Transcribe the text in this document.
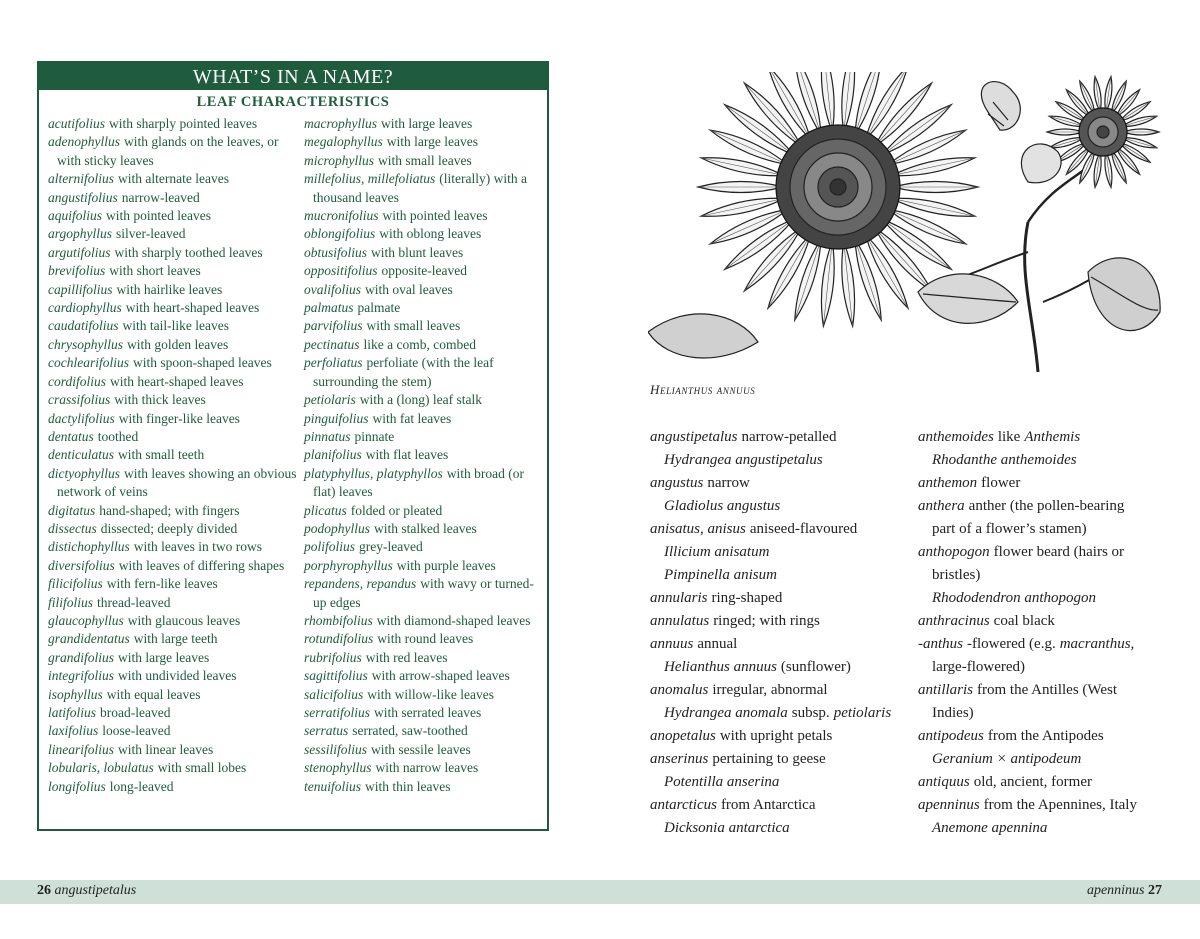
WHAT’S IN A NAME?
LEAF CHARACTERISTICS
acutifolius with sharply pointed leaves
adenophyllus with glands on the leaves, or with sticky leaves
alternifolius with alternate leaves
angustifolius narrow-leaved
aquifolius with pointed leaves
argophyllus silver-leaved
argutifolius with sharply toothed leaves
brevifolius with short leaves
capillifolius with hairlike leaves
cardiophyllus with heart-shaped leaves
caudatifolius with tail-like leaves
chrysophyllus with golden leaves
cochlearifolius with spoon-shaped leaves
cordifolius with heart-shaped leaves
crassifolius with thick leaves
dactylifolius with finger-like leaves
dentatus toothed
denticulatus with small teeth
dictyophyllus with leaves showing an obvious network of veins
digitatus hand-shaped; with fingers
dissectus dissected; deeply divided
distichophyllus with leaves in two rows
diversifolius with leaves of differing shapes
filicifolius with fern-like leaves
filifolius thread-leaved
glaucophyllus with glaucous leaves
grandidentatus with large teeth
grandifolius with large leaves
integrifolius with undivided leaves
isophyllus with equal leaves
latifolius broad-leaved
laxifolius loose-leaved
linearifolius with linear leaves
lobularis, lobulatus with small lobes
longifolius long-leaved
macrophyllus with large leaves
megalophyllus with large leaves
microphyllus with small leaves
millefolius, millefoliatus (literally) with a thousand leaves
mucronifolius with pointed leaves
oblongifolius with oblong leaves
obtusifolius with blunt leaves
oppositifolius opposite-leaved
ovalifolius with oval leaves
palmatus palmate
parvifolius with small leaves
pectinatus like a comb, combed
perfoliatus perfoliate (with the leaf surrounding the stem)
petiolaris with a (long) leaf stalk
pinguifolius with fat leaves
pinnatus pinnate
planifolius with flat leaves
platyphyllus, platyphyllos with broad (or flat) leaves
plicatus folded or pleated
podophyllus with stalked leaves
polifolius grey-leaved
porphyrophyllus with purple leaves
repandens, repandus with wavy or turned-up edges
rhombifolius with diamond-shaped leaves
rotundifolius with round leaves
rubrifolius with red leaves
sagittifolius with arrow-shaped leaves
salicifolius with willow-like leaves
serratifolius with serrated leaves
serratus serrated, saw-toothed
sessilifolius with sessile leaves
stenophyllus with narrow leaves
tenuifolius with thin leaves
Helianthus annuus
angustipetalus narrow-petalled
Hydrangea angustipetalus
angustus narrow
Gladiolus angustus
anisatus, anisus aniseed-flavoured
Illicium anisatum
Pimpinella anisum
annularis ring-shaped
annulatus ringed; with rings
annuus annual
Helianthus annuus (sunflower)
anomalus irregular, abnormal
Hydrangea anomala subsp. petiolaris
anopetalus with upright petals
anserinus pertaining to geese
Potentilla anserina
antarcticus from Antarctica
Dicksonia antarctica
anthemoides like Anthemis
Rhodanthe anthemoides
anthemon flower
anthera anther (the pollen-bearing
part of a flower’s stamen)
anthopogon flower beard (hairs or
bristles)
Rhododendron anthopogon
anthracinus coal black
-anthus -flowered (e.g. macranthus,
large-flowered)
antillaris from the Antilles (West
Indies)
antipodeus from the Antipodes
Geranium × antipodeum
antiquus old, ancient, former
apenninus from the Apennines, Italy
Anemone apennina
26 angustipetalus	apenninus 27
